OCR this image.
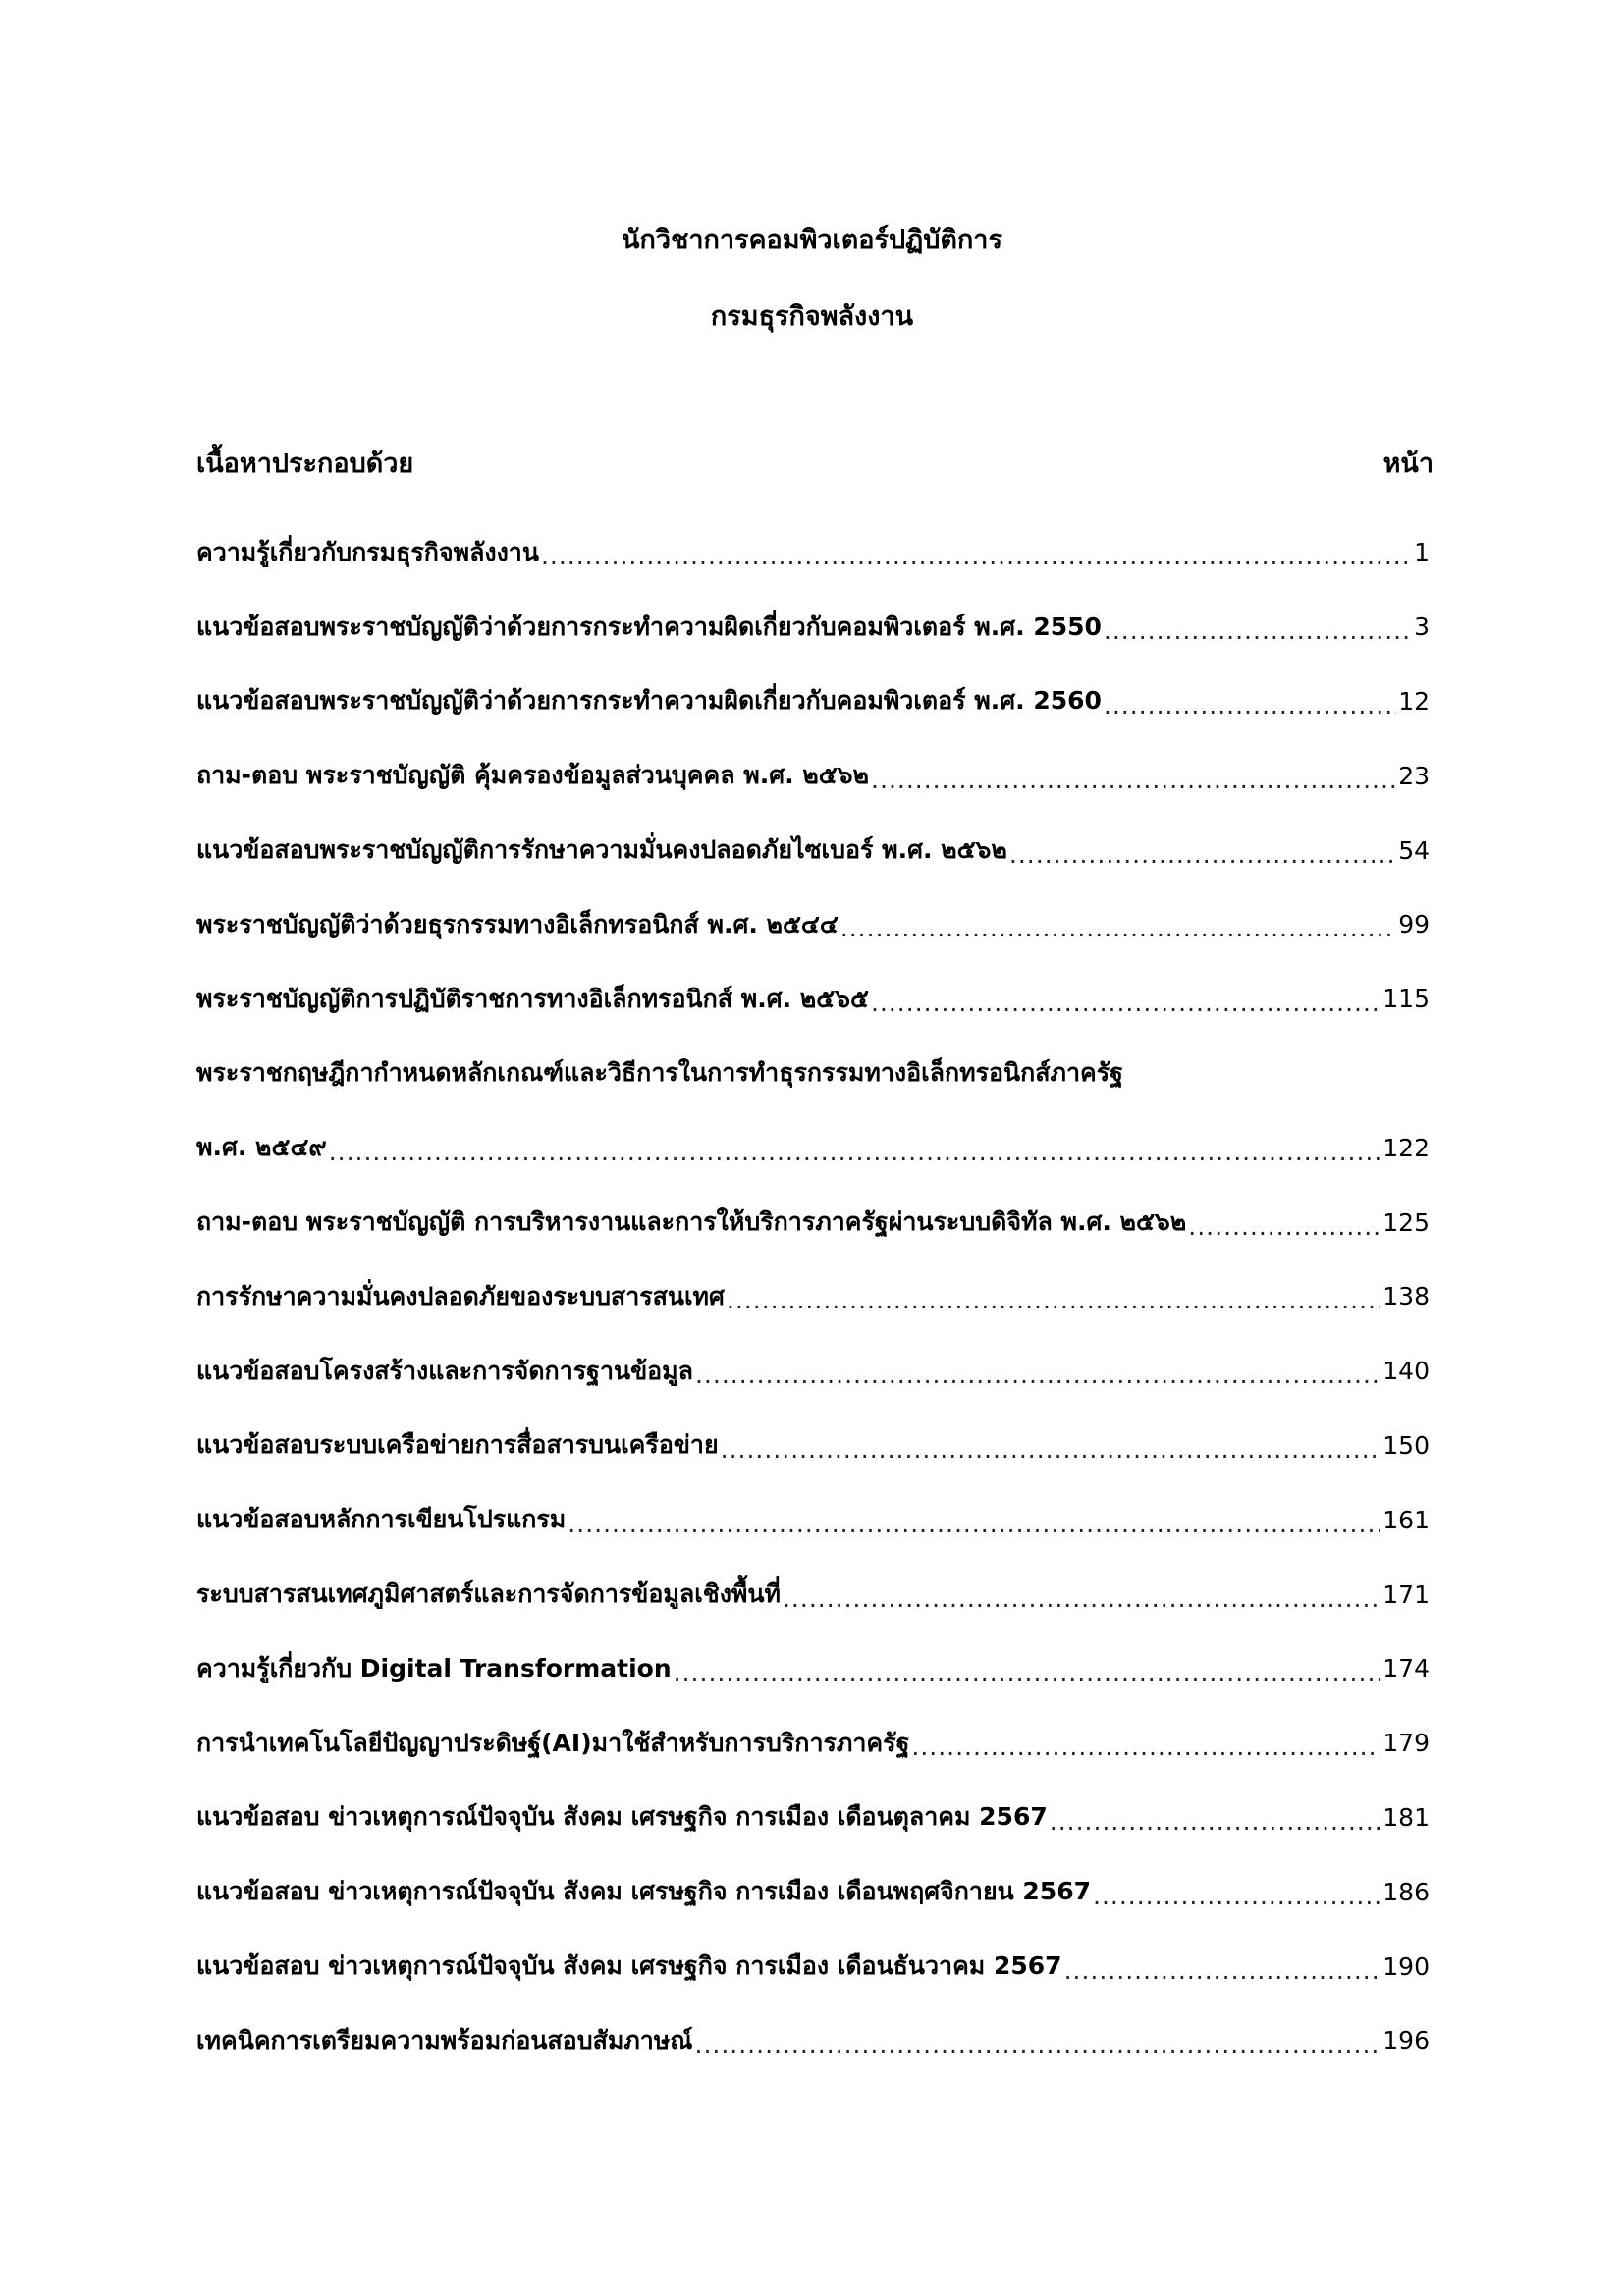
นักวิชาการคอมพิวเตอร์ปฏิบัติการ
กรมธุรกิจพลังงาน
เนื้อหาประกอบด้วย	หน้า
ความรู้เกี่ยวกับกรมธุรกิจพลังงาน .....	1
แนวข้อสอบพระราชบัญญัติว่าด้วยการกระทำความผิดเกี่ยวกับคอมพิวเตอร์ พ.ศ. 2550 .....	3
แนวข้อสอบพระราชบัญญัติว่าด้วยการกระทำความผิดเกี่ยวกับคอมพิวเตอร์ พ.ศ. 2560 .....	12
ถาม-ตอบ พระราชบัญญัติ คุ้มครองข้อมูลส่วนบุคคล พ.ศ. ๒๕๖๒ .....	23
แนวข้อสอบพระราชบัญญัติการรักษาความมั่นคงปลอดภัยไซเบอร์ พ.ศ. ๒๕๖๒ .....	54
พระราชบัญญัติว่าด้วยธุรกรรมทางอิเล็กทรอนิกส์ พ.ศ. ๒๕๔๔ .....	99
พระราชบัญญัติการปฏิบัติราชการทางอิเล็กทรอนิกส์ พ.ศ. ๒๕๖๕ .....	115
พระราชกฤษฎีกากำหนดหลักเกณฑ์และวิธีการในการทำธุรกรรมทางอิเล็กทรอนิกส์ภาครัฐ
พ.ศ. ๒๕๔๙ .....	122
ถาม-ตอบ พระราชบัญญัติ การบริหารงานและการให้บริการภาครัฐผ่านระบบดิจิทัล พ.ศ. ๒๕๖๒ .....	125
การรักษาความมั่นคงปลอดภัยของระบบสารสนเทศ .....	138
แนวข้อสอบโครงสร้างและการจัดการฐานข้อมูล .....	140
แนวข้อสอบระบบเครือข่ายการสื่อสารบนเครือข่าย .....	150
แนวข้อสอบหลักการเขียนโปรแกรม .....	161
ระบบสารสนเทศภูมิศาสตร์และการจัดการข้อมูลเชิงพื้นที่ .....	171
ความรู้เกี่ยวกับ Digital Transformation .....	174
การนำเทคโนโลยีปัญญาประดิษฐ์(AI)มาใช้สำหรับการบริการภาครัฐ .....	179
แนวข้อสอบ ข่าวเหตุการณ์ปัจจุบัน สังคม เศรษฐกิจ การเมือง เดือนตุลาคม 2567 .....	181
แนวข้อสอบ ข่าวเหตุการณ์ปัจจุบัน สังคม เศรษฐกิจ การเมือง เดือนพฤศจิกายน 2567 .....	186
แนวข้อสอบ ข่าวเหตุการณ์ปัจจุบัน สังคม เศรษฐกิจ การเมือง เดือนธันวาคม 2567 .....	190
เทคนิคการเตรียมความพร้อมก่อนสอบสัมภาษณ์ .....	196
